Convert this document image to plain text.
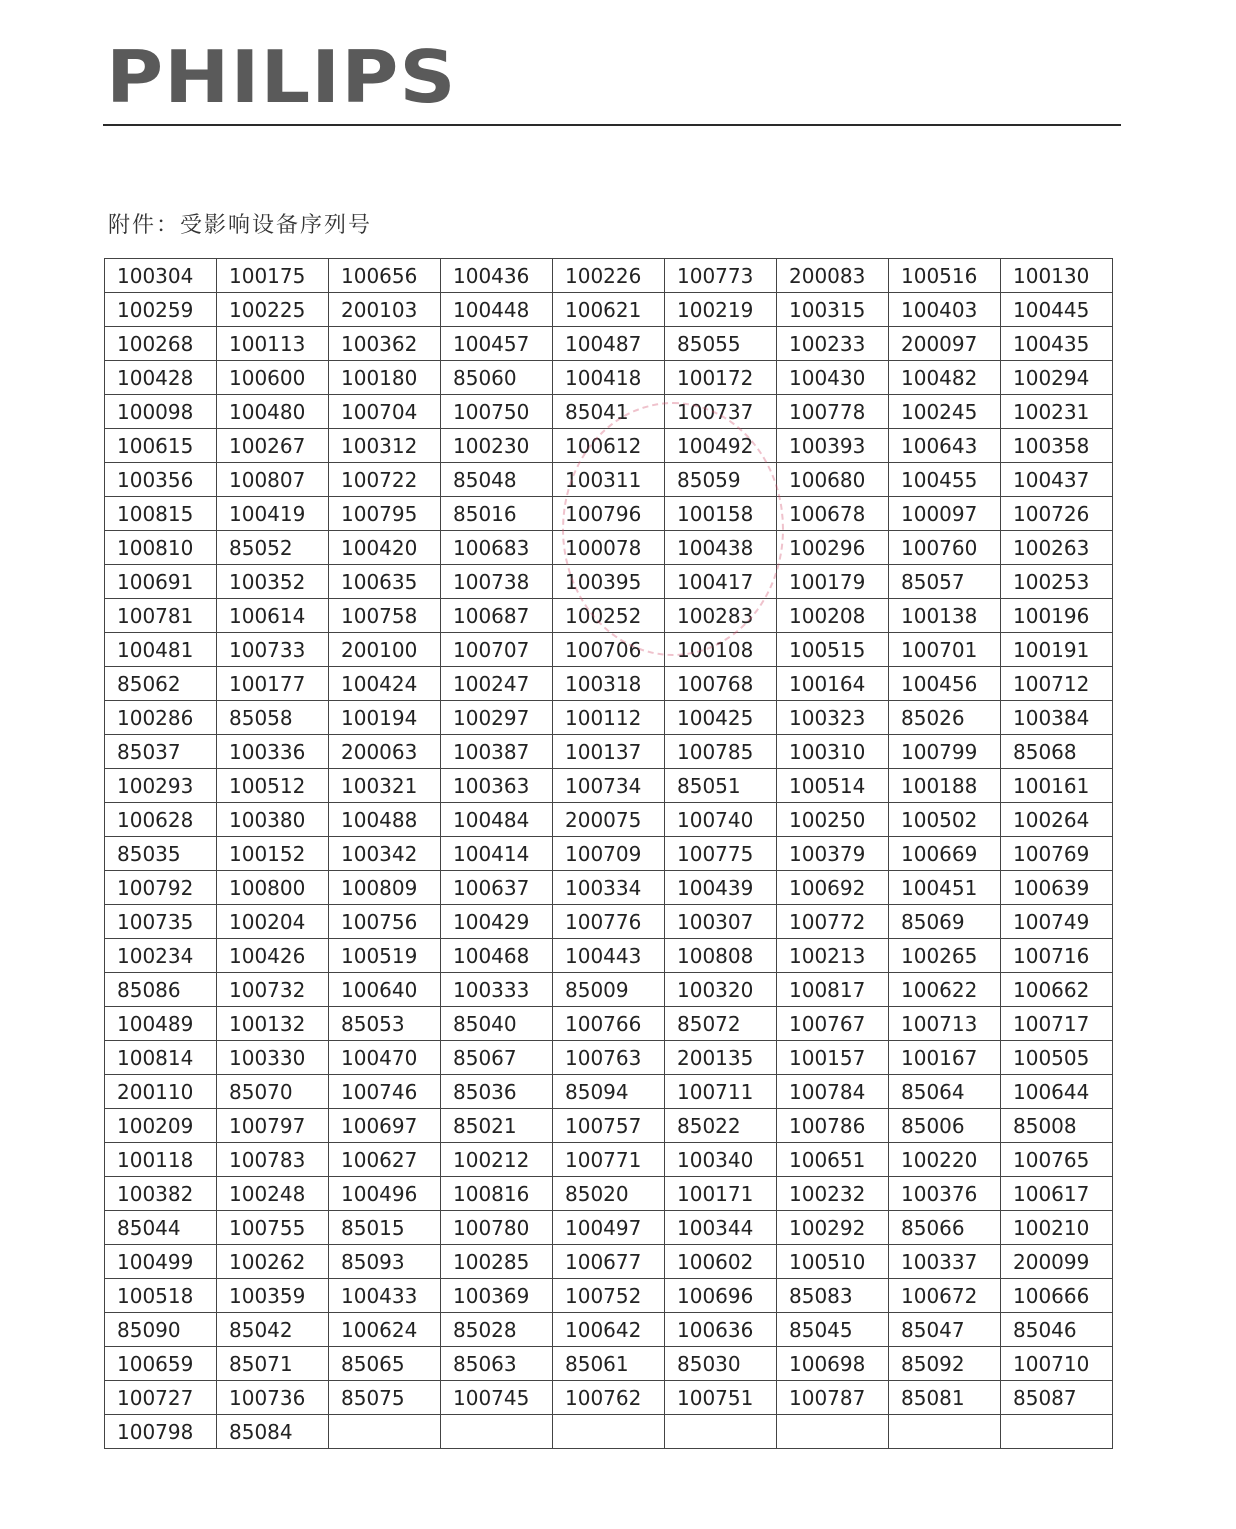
PHILIPS
附件：受影响设备序列号
100304	100175	100656	100436	100226	100773	200083	100516	100130
100259	100225	200103	100448	100621	100219	100315	100403	100445
100268	100113	100362	100457	100487	85055	100233	200097	100435
100428	100600	100180	85060	100418	100172	100430	100482	100294
100098	100480	100704	100750	85041	100737	100778	100245	100231
100615	100267	100312	100230	100612	100492	100393	100643	100358
100356	100807	100722	85048	100311	85059	100680	100455	100437
100815	100419	100795	85016	100796	100158	100678	100097	100726
100810	85052	100420	100683	100078	100438	100296	100760	100263
100691	100352	100635	100738	100395	100417	100179	85057	100253
100781	100614	100758	100687	100252	100283	100208	100138	100196
100481	100733	200100	100707	100706	100108	100515	100701	100191
85062	100177	100424	100247	100318	100768	100164	100456	100712
100286	85058	100194	100297	100112	100425	100323	85026	100384
85037	100336	200063	100387	100137	100785	100310	100799	85068
100293	100512	100321	100363	100734	85051	100514	100188	100161
100628	100380	100488	100484	200075	100740	100250	100502	100264
85035	100152	100342	100414	100709	100775	100379	100669	100769
100792	100800	100809	100637	100334	100439	100692	100451	100639
100735	100204	100756	100429	100776	100307	100772	85069	100749
100234	100426	100519	100468	100443	100808	100213	100265	100716
85086	100732	100640	100333	85009	100320	100817	100622	100662
100489	100132	85053	85040	100766	85072	100767	100713	100717
100814	100330	100470	85067	100763	200135	100157	100167	100505
200110	85070	100746	85036	85094	100711	100784	85064	100644
100209	100797	100697	85021	100757	85022	100786	85006	85008
100118	100783	100627	100212	100771	100340	100651	100220	100765
100382	100248	100496	100816	85020	100171	100232	100376	100617
85044	100755	85015	100780	100497	100344	100292	85066	100210
100499	100262	85093	100285	100677	100602	100510	100337	200099
100518	100359	100433	100369	100752	100696	85083	100672	100666
85090	85042	100624	85028	100642	100636	85045	85047	85046
100659	85071	85065	85063	85061	85030	100698	85092	100710
100727	100736	85075	100745	100762	100751	100787	85081	85087
100798	85084							
